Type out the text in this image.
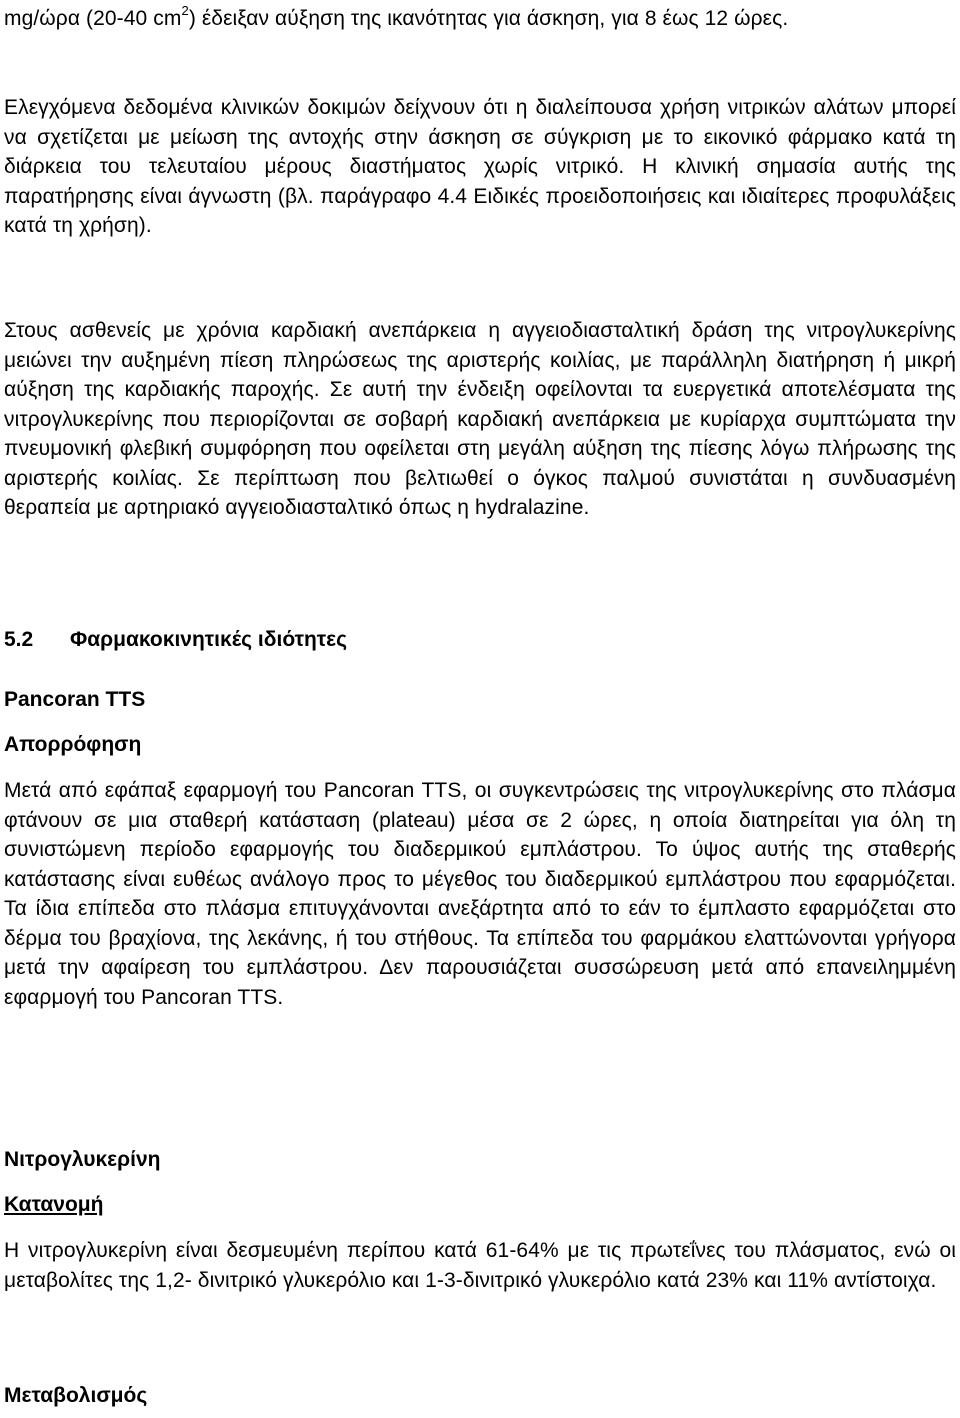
mg/ώρα (20-40 $cm^2$) έδειξαν αύξηση της ικανότητας για άσκηση, για 8 έως 12 ώρες.

Ελεγχόμενα δεδομένα κλινικών δοκιμών δείχνουν ότι η διαλείπουσα χρήση νιτρικών αλάτων μπορεί να σχετίζεται με μείωση της αντοχής στην άσκηση σε σύγκριση με το εικονικό φάρμακο κατά τη διάρκεια του τελευταίου μέρους διαστήματος χωρίς νιτρικό. Η κλινική σημασία αυτής της παρατήρησης είναι άγνωστη (βλ. παράγραφο 4.4 Ειδικές προειδοποιήσεις και ιδιαίτερες προφυλάξεις κατά τη χρήση).

Στους ασθενείς με χρόνια καρδιακή ανεπάρκεια η αγγειοδιασταλτική δράση της νιτρογλυκερίνης μειώνει την αυξημένη πίεση πληρώσεως της αριστερής κοιλίας, με παράλληλη διατήρηση ή μικρή αύξηση της καρδιακής παροχής. Σε αυτή την ένδειξη οφείλονται τα ευεργετικά αποτελέσματα της νιτρογλυκερίνης που περιορίζονται σε σοβαρή καρδιακή ανεπάρκεια με κυρίαρχα συμπτώματα την πνευμονική φλεβική συμφόρηση που οφείλεται στη μεγάλη αύξηση της πίεσης λόγω πλήρωσης της αριστερής κοιλίας. Σε περίπτωση που βελτιωθεί ο όγκος παλμού συνιστάται η συνδυασμένη θεραπεία με αρτηριακό αγγειοδιασταλτικό όπως η hydralazine.

5.2 Φαρμακοκινητικές ιδιότητες
Pancoran TTS
Απορρόφηση

Μετά από εφάπαξ εφαρμογή του Pancoran TTS, οι συγκεντρώσεις της νιτρογλυκερίνης στο πλάσμα φτάνουν σε μια σταθερή κατάσταση (plateau) μέσα σε 2 ώρες, η οποία διατηρείται για όλη τη συνιστώμενη περίοδο εφαρμογής του διαδερμικού εμπλάστρου. Το ύψος αυτής της σταθερής κατάστασης είναι ευθέως ανάλογο προς το μέγεθος του διαδερμικού εμπλάστρου που εφαρμόζεται. Τα ίδια επίπεδα στο πλάσμα επιτυγχάνονται ανεξάρτητα από το εάν το έμπλαστο εφαρμόζεται στο δέρμα του βραχίονα, της λεκάνης, ή του στήθους. Τα επίπεδα του φαρμάκου ελαττώνονται γρήγορα μετά την αφαίρεση του εμπλάστρου. Δεν παρουσιάζεται συσσώρευση μετά από επανειλημμένη εφαρμογή του Pancoran TTS.

Νιτρογλυκερίνη
Κατανομή

Η νιτρογλυκερίνη είναι δεσμευμένη περίπου κατά 61-64% με τις πρωτεΐνες του πλάσματος, ενώ οι μεταβολίτες της 1,2- δινιτρικό γλυκερόλιο και 1-3-δινιτρικό γλυκερόλιο κατά 23% και 11% αντίστοιχα.

Μεταβολισμός
